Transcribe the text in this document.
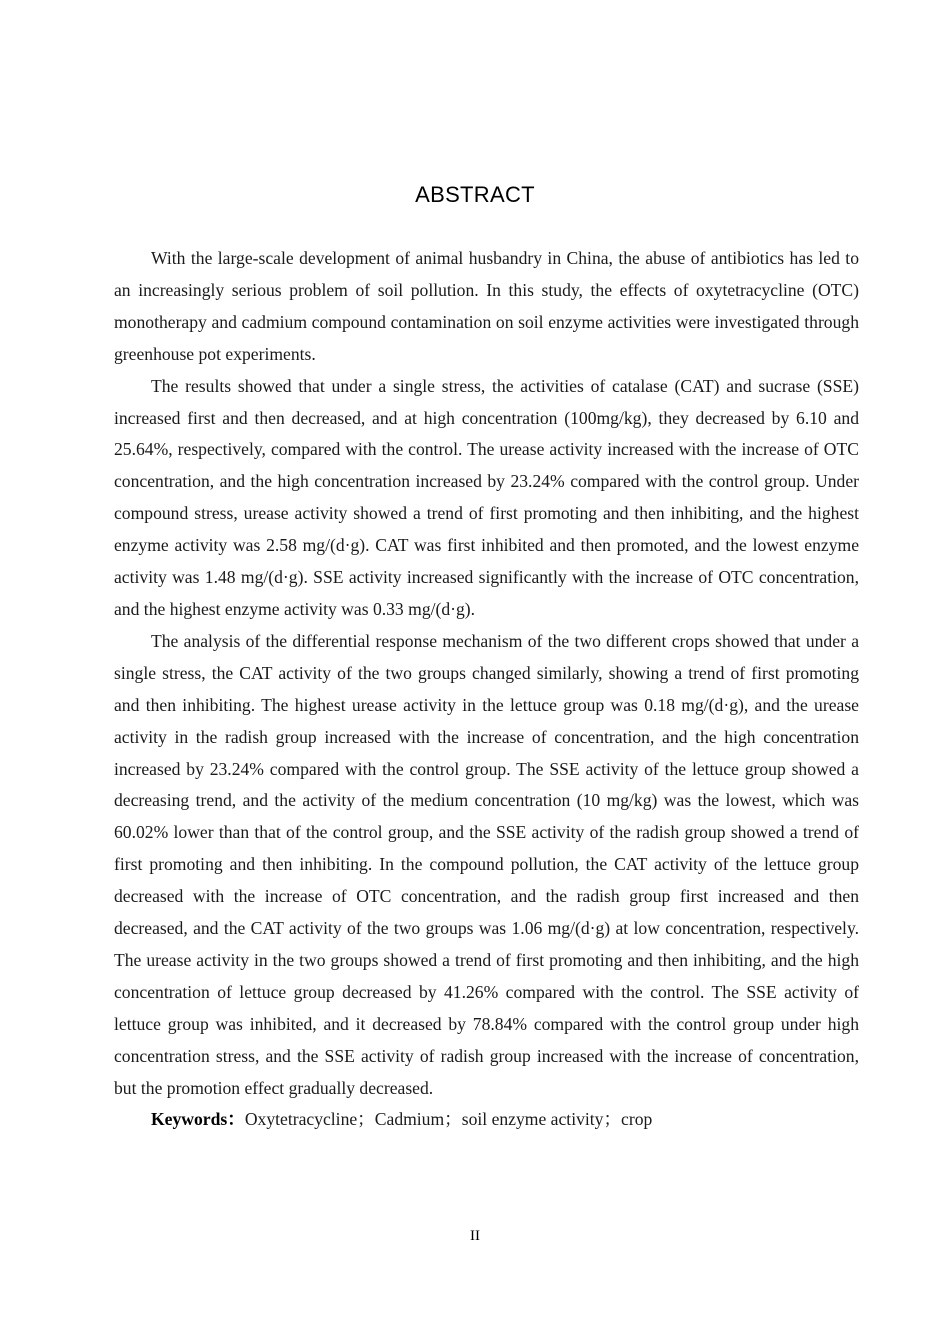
ABSTRACT

With the large-scale development of animal husbandry in China, the abuse of antibiotics has led to an increasingly serious problem of soil pollution. In this study, the effects of oxytetracycline (OTC) monotherapy and cadmium compound contamination on soil enzyme activities were investigated through greenhouse pot experiments.

The results showed that under a single stress, the activities of catalase (CAT) and sucrase (SSE) increased first and then decreased, and at high concentration (100mg/kg), they decreased by 6.10 and 25.64%, respectively, compared with the control. The urease activity increased with the increase of OTC concentration, and the high concentration increased by 23.24% compared with the control group. Under compound stress, urease activity showed a trend of first promoting and then inhibiting, and the highest enzyme activity was 2.58 mg/(d·g). CAT was first inhibited and then promoted, and the lowest enzyme activity was 1.48 mg/(d·g). SSE activity increased significantly with the increase of OTC concentration, and the highest enzyme activity was 0.33 mg/(d·g).

The analysis of the differential response mechanism of the two different crops showed that under a single stress, the CAT activity of the two groups changed similarly, showing a trend of first promoting and then inhibiting. The highest urease activity in the lettuce group was 0.18 mg/(d·g), and the urease activity in the radish group increased with the increase of concentration, and the high concentration increased by 23.24% compared with the control group. The SSE activity of the lettuce group showed a decreasing trend, and the activity of the medium concentration (10 mg/kg) was the lowest, which was 60.02% lower than that of the control group, and the SSE activity of the radish group showed a trend of first promoting and then inhibiting. In the compound pollution, the CAT activity of the lettuce group decreased with the increase of OTC concentration, and the radish group first increased and then decreased, and the CAT activity of the two groups was 1.06 mg/(d·g) at low concentration, respectively. The urease activity in the two groups showed a trend of first promoting and then inhibiting, and the high concentration of lettuce group decreased by 41.26% compared with the control. The SSE activity of lettuce group was inhibited, and it decreased by 78.84% compared with the control group under high concentration stress, and the SSE activity of radish group increased with the increase of concentration, but the promotion effect gradually decreased.

Keywords：Oxytetracycline；Cadmium；soil enzyme activity；crop

II
